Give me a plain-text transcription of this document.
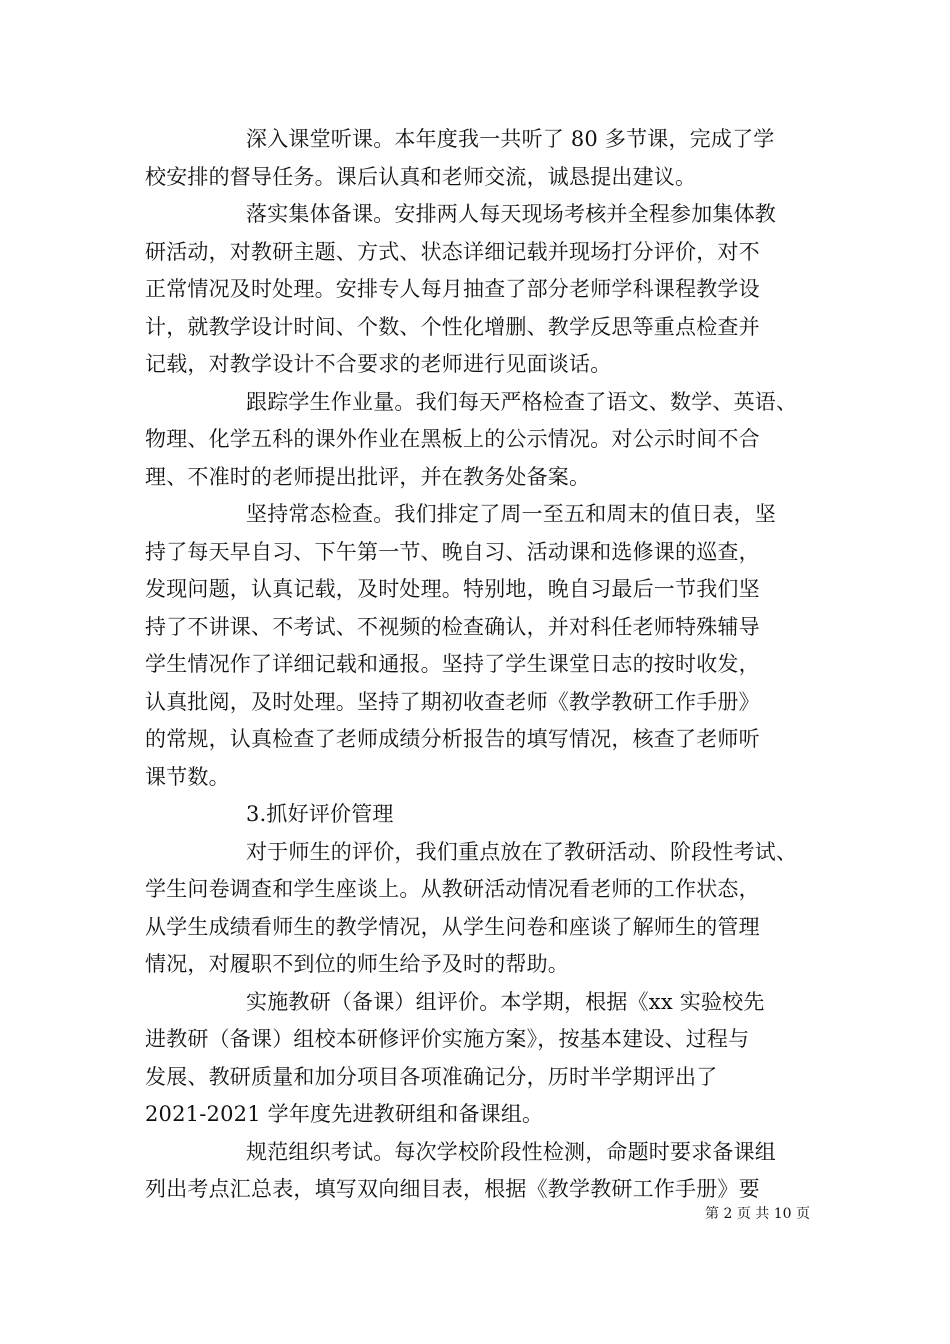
深入课堂听课。本年度我一共听了 80 多节课，完成了学
校安排的督导任务。课后认真和老师交流，诚恳提出建议。
落实集体备课。安排两人每天现场考核并全程参加集体教
研活动，对教研主题、方式、状态详细记载并现场打分评价，对不
正常情况及时处理。安排专人每月抽查了部分老师学科课程教学设
计，就教学设计时间、个数、个性化增删、教学反思等重点检查并
记载，对教学设计不合要求的老师进行见面谈话。
跟踪学生作业量。我们每天严格检查了语文、数学、英语、
物理、化学五科的课外作业在黑板上的公示情况。对公示时间不合
理、不准时的老师提出批评，并在教务处备案。
坚持常态检查。我们排定了周一至五和周末的值日表，坚
持了每天早自习、下午第一节、晚自习、活动课和选修课的巡查，
发现问题，认真记载，及时处理。特别地，晚自习最后一节我们坚
持了不讲课、不考试、不视频的检查确认，并对科任老师特殊辅导
学生情况作了详细记载和通报。坚持了学生课堂日志的按时收发，
认真批阅，及时处理。坚持了期初收查老师《教学教研工作手册》
的常规，认真检查了老师成绩分析报告的填写情况，核查了老师听
课节数。
3.抓好评价管理
对于师生的评价，我们重点放在了教研活动、阶段性考试、
学生问卷调查和学生座谈上。从教研活动情况看老师的工作状态，
从学生成绩看师生的教学情况，从学生问卷和座谈了解师生的管理
情况，对履职不到位的师生给予及时的帮助。
实施教研（备课）组评价。本学期，根据《xx 实验校先
进教研（备课）组校本研修评价实施方案》，按基本建设、过程与
发展、教研质量和加分项目各项准确记分，历时半学期评出了
2021-2021 学年度先进教研组和备课组。
规范组织考试。每次学校阶段性检测，命题时要求备课组
列出考点汇总表，填写双向细目表，根据《教学教研工作手册》要
第 2 页 共 10 页
